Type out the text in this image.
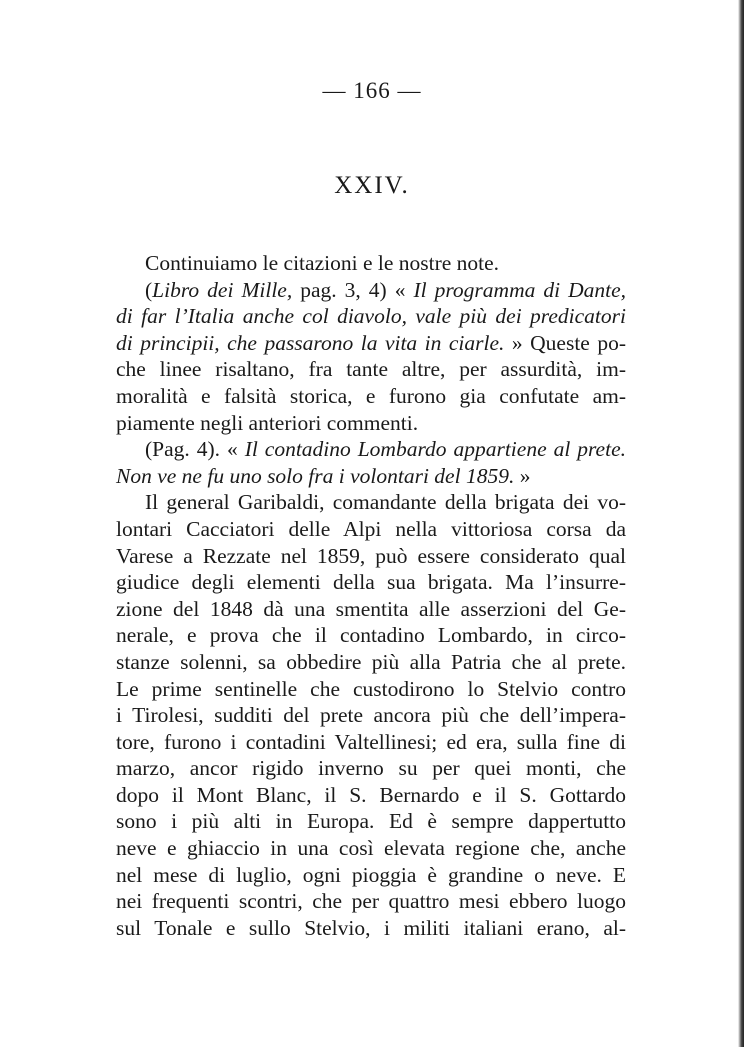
— 166 —
XXIV.
Continuiamo le citazioni e le nostre note.
(Libro dei Mille, pag. 3, 4) « Il programma di Dante,
di far l’Italia anche col diavolo, vale più dei predicatori
di principii, che passarono la vita in ciarle. » Queste po-
che linee risaltano, fra tante altre, per assurdità, im-
moralità e falsità storica, e furono gia confutate am-
piamente negli anteriori commenti.
(Pag. 4). « Il contadino Lombardo appartiene al prete.
Non ve ne fu uno solo fra i volontari del 1859. »
Il general Garibaldi, comandante della brigata dei vo-
lontari Cacciatori delle Alpi nella vittoriosa corsa da
Varese a Rezzate nel 1859, può essere considerato qual
giudice degli elementi della sua brigata. Ma l’insurre-
zione del 1848 dà una smentita alle asserzioni del Ge-
nerale, e prova che il contadino Lombardo, in circo-
stanze solenni, sa obbedire più alla Patria che al prete.
Le prime sentinelle che custodirono lo Stelvio contro
i Tirolesi, sudditi del prete ancora più che dell’impera-
tore, furono i contadini Valtellinesi; ed era, sulla fine di
marzo, ancor rigido inverno su per quei monti, che
dopo il Mont Blanc, il S. Bernardo e il S. Gottardo
sono i più alti in Europa. Ed è sempre dappertutto
neve e ghiaccio in una così elevata regione che, anche
nel mese di luglio, ogni pioggia è grandine o neve. E
nei frequenti scontri, che per quattro mesi ebbero luogo
sul Tonale e sullo Stelvio, i militi italiani erano, al-
